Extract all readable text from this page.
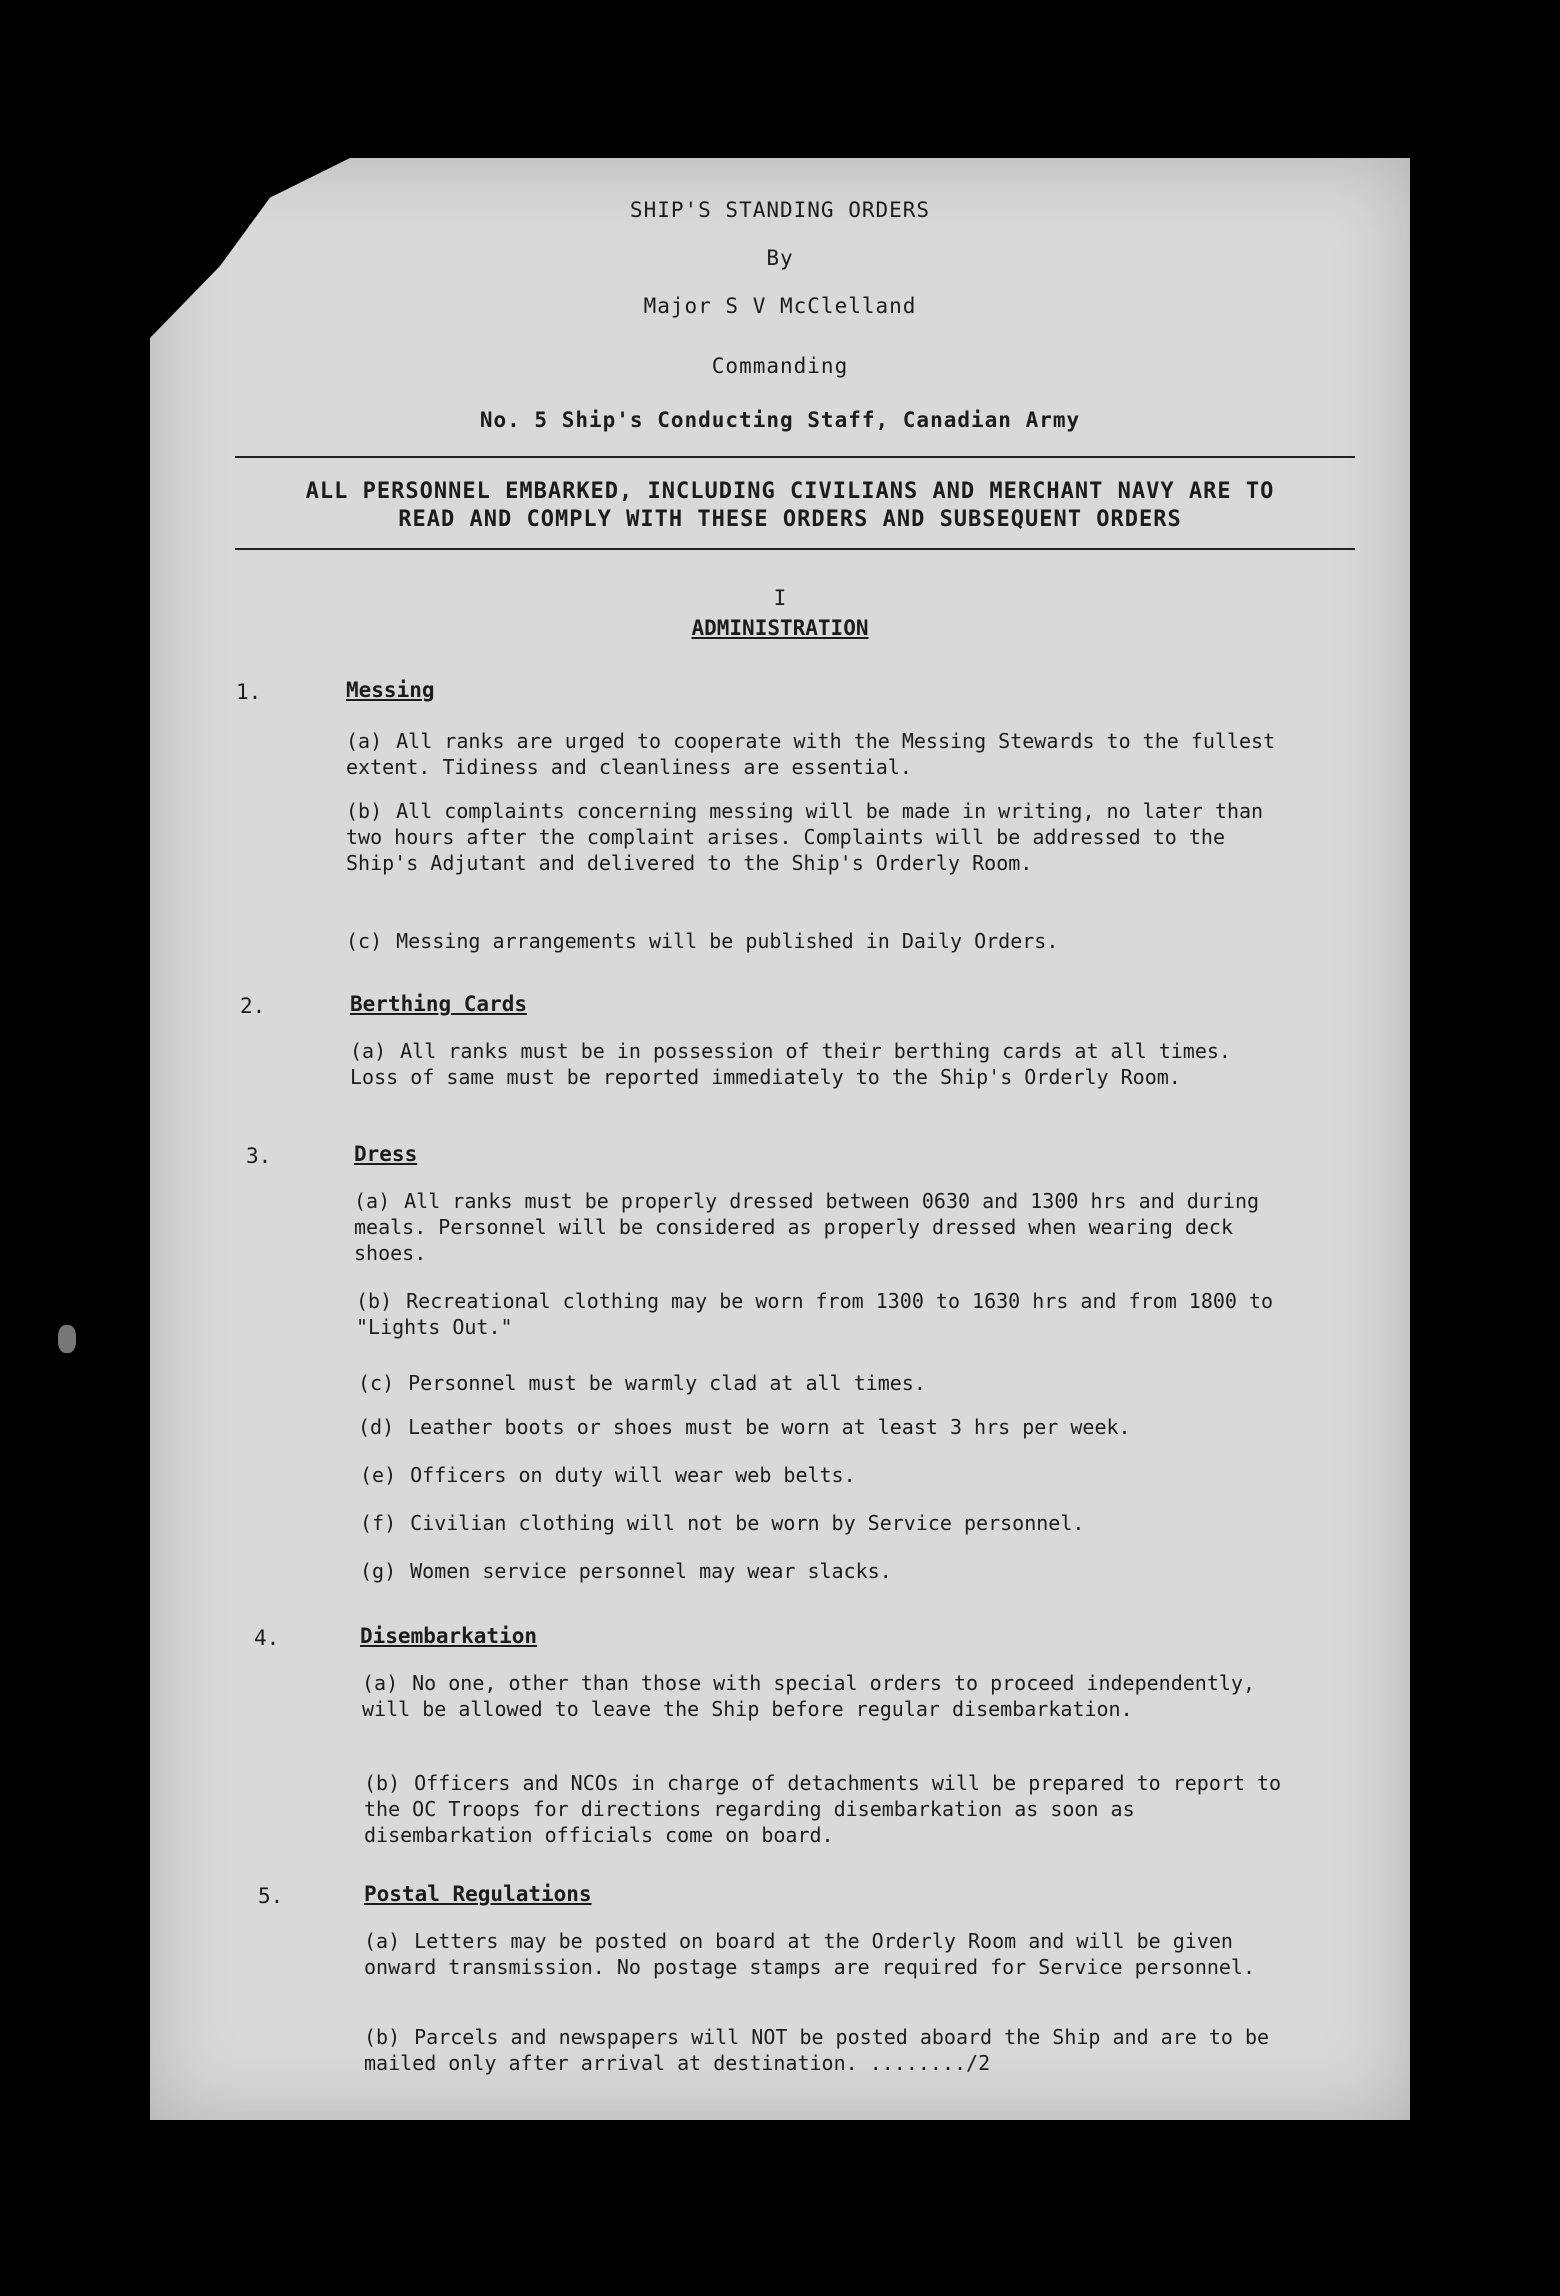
SHIP'S STANDING ORDERS
By
Major S V McClelland
Commanding
No. 5 Ship's Conducting Staff, Canadian Army
ALL PERSONNEL EMBARKED, INCLUDING CIVILIANS AND MERCHANT NAVY ARE TO
READ AND COMPLY WITH THESE ORDERS AND SUBSEQUENT ORDERS
I
ADMINISTRATION
1.	Messing
(a) All ranks are urged to cooperate with the Messing Stewards to the fullest extent. Tidiness and cleanliness are essential.
(b) All complaints concerning messing will be made in writing, no later than two hours after the complaint arises. Complaints will be addressed to the Ship's Adjutant and delivered to the Ship's Orderly Room.
(c) Messing arrangements will be published in Daily Orders.
2.	Berthing Cards
(a) All ranks must be in possession of their berthing cards at all times. Loss of same must be reported immediately to the Ship's Orderly Room.
3.	Dress
(a) All ranks must be properly dressed between 0630 and 1300 hrs and during meals. Personnel will be considered as properly dressed when wearing deck shoes.
(b) Recreational clothing may be worn from 1300 to 1630 hrs and from 1800 to "Lights Out."
(c) Personnel must be warmly clad at all times.
(d) Leather boots or shoes must be worn at least 3 hrs per week.
(e) Officers on duty will wear web belts.
(f) Civilian clothing will not be worn by Service personnel.
(g) Women service personnel may wear slacks.
4.	Disembarkation
(a) No one, other than those with special orders to proceed independently, will be allowed to leave the Ship before regular disembarkation.
(b) Officers and NCOs in charge of detachments will be prepared to report to the OC Troops for directions regarding disembarkation as soon as disembarkation officials come on board.
5.	Postal Regulations
(a) Letters may be posted on board at the Orderly Room and will be given onward transmission. No postage stamps are required for Service personnel.
(b) Parcels and newspapers will NOT be posted aboard the Ship and are to be mailed only after arrival at destination. ......../2
